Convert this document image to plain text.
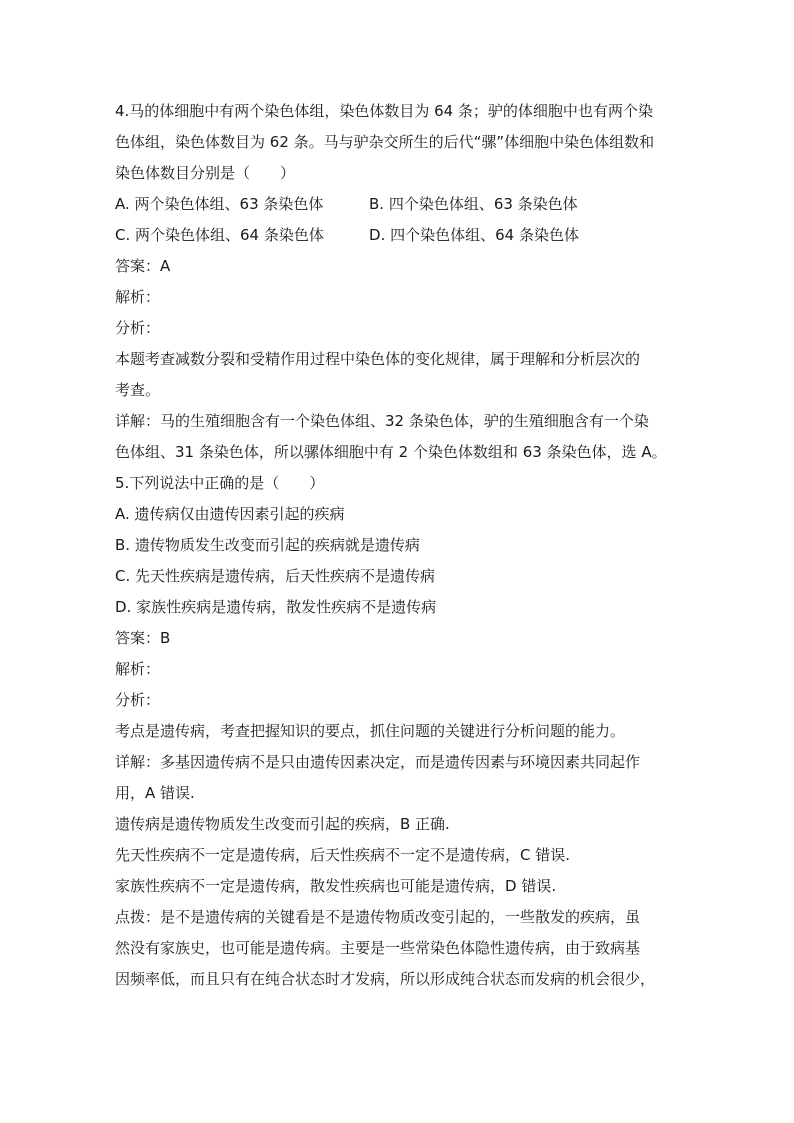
4.马的体细胞中有两个染色体组，染色体数目为 64 条；驴的体细胞中也有两个染
色体组，染色体数目为 62 条。马与驴杂交所生的后代“骡”体细胞中染色体组数和
染色体数目分别是（　　）
A. 两个染色体组、63 条染色体	B. 四个染色体组、63 条染色体
C. 两个染色体组、64 条染色体	D. 四个染色体组、64 条染色体
答案：A
解析：
分析：
本题考查减数分裂和受精作用过程中染色体的变化规律，属于理解和分析层次的
考查。
详解：马的生殖细胞含有一个染色体组、32 条染色体，驴的生殖细胞含有一个染
色体组、31 条染色体，所以骡体细胞中有 2 个染色体数组和 63 条染色体，选 A。
5.下列说法中正确的是（　　）
A. 遗传病仅由遗传因素引起的疾病
B. 遗传物质发生改变而引起的疾病就是遗传病
C. 先天性疾病是遗传病，后天性疾病不是遗传病
D. 家族性疾病是遗传病，散发性疾病不是遗传病
答案：B
解析：
分析：
考点是遗传病，考查把握知识的要点，抓住问题的关键进行分析问题的能力。
详解：多基因遗传病不是只由遗传因素决定，而是遗传因素与环境因素共同起作
用，A 错误.
遗传病是遗传物质发生改变而引起的疾病，B 正确.
先天性疾病不一定是遗传病，后天性疾病不一定不是遗传病，C 错误.
家族性疾病不一定是遗传病，散发性疾病也可能是遗传病，D 错误.
点拨：是不是遗传病的关键看是不是遗传物质改变引起的，一些散发的疾病，虽
然没有家族史，也可能是遗传病。主要是一些常染色体隐性遗传病，由于致病基
因频率低，而且只有在纯合状态时才发病，所以形成纯合状态而发病的机会很少，
